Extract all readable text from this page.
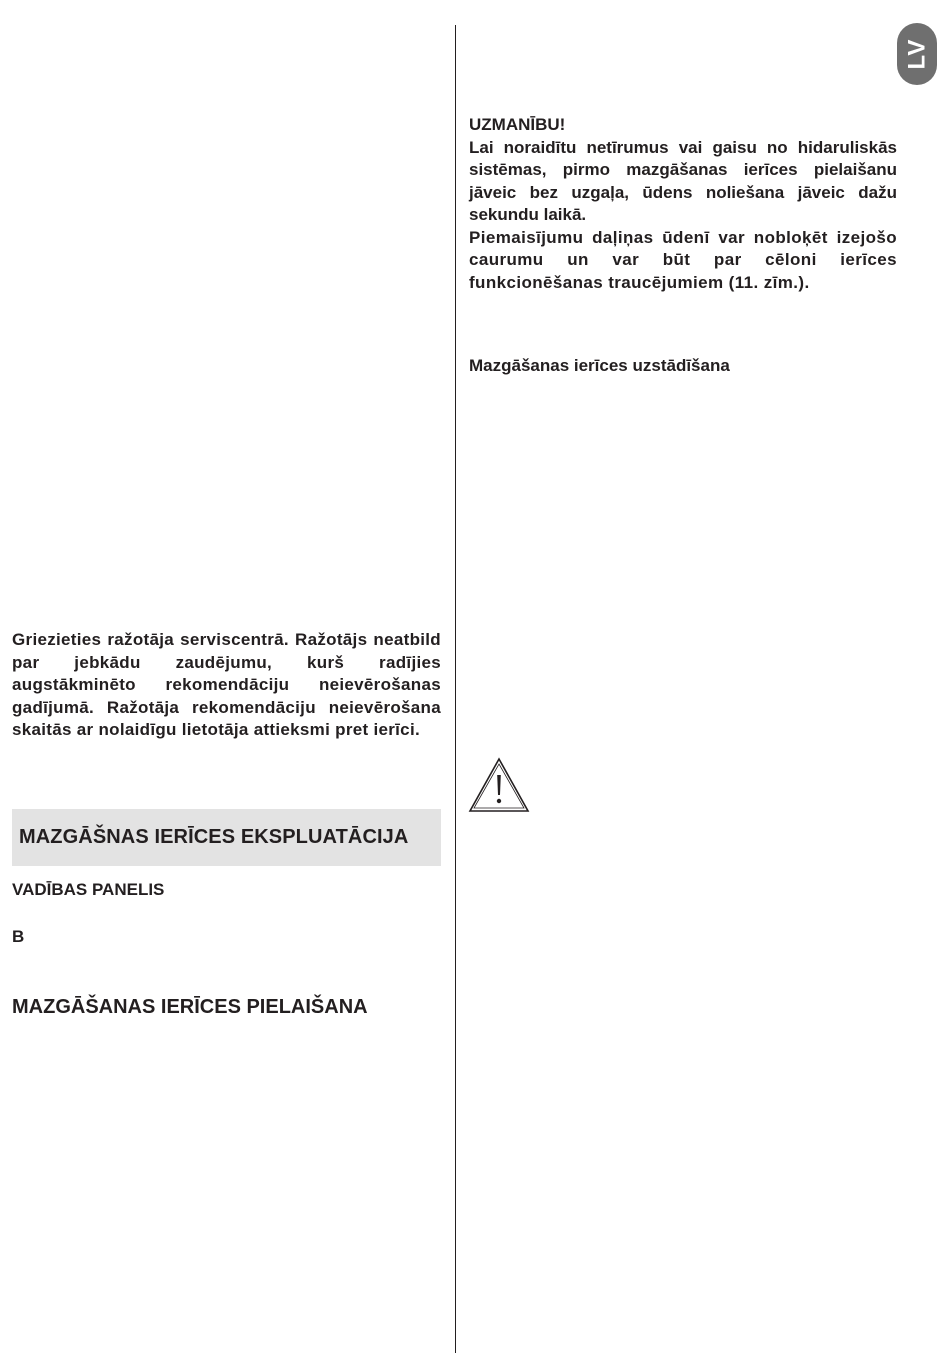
LV

UZMANĪBU!

Lai noraidītu netīrumus vai gaisu no hidaruliskās sistēmas, pirmo mazgāšanas ierīces pielaišanu jāveic bez uzgaļa, ūdens noliešana jāveic dažu sekundu laikā.

Piemaisījumu daļiņas ūdenī var nobloķēt izejošo caurumu un var būt par cēloni ierīces funkcionēšanas traucējumiem (11. zīm.).

Mazgāšanas ierīces uzstādīšana
Griezieties ražotāja serviscentrā. Ražotājs neatbild par jebkādu zaudējumu, kurš radījies augstākminēto rekomendāciju neievērošanas gadījumā. Ražotāja rekomendāciju neievērošana skaitās ar nolaidīgu lietotāja attieksmi pret ierīci.
MAZGĀŠNAS IERĪCES EKSPLUATĀCIJA
VADĪBAS PANELIS
B
MAZGĀŠANAS IERĪCES PIELAIŠANA
